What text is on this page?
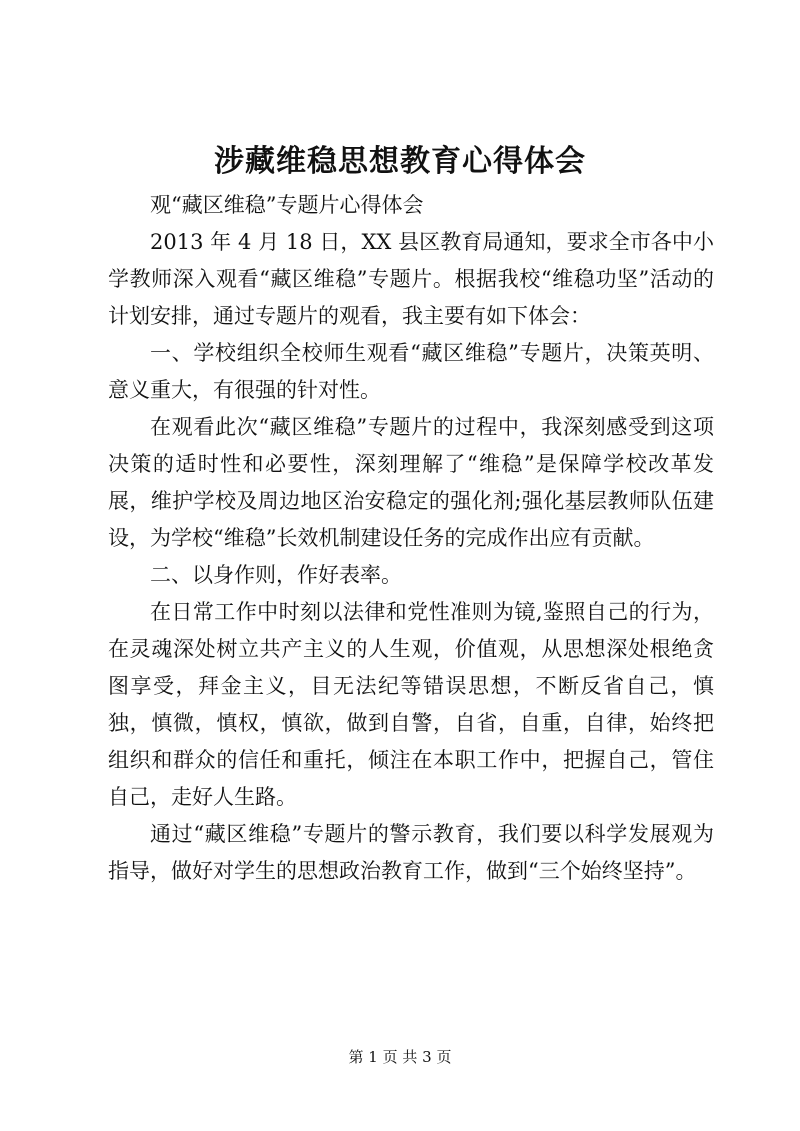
涉藏维稳思想教育心得体会

观“藏区维稳”专题片心得体会

2013 年 4 月 18 日，XX 县区教育局通知，要求全市各中小学教师深入观看“藏区维稳”专题片。根据我校“维稳功坚”活动的计划安排，通过专题片的观看，我主要有如下体会：

一、学校组织全校师生观看“藏区维稳”专题片，决策英明、意义重大，有很强的针对性。

在观看此次“藏区维稳”专题片的过程中，我深刻感受到这项决策的适时性和必要性，深刻理解了“维稳”是保障学校改革发展，维护学校及周边地区治安稳定的强化剂;强化基层教师队伍建设，为学校“维稳”长效机制建设任务的完成作出应有贡献。

二、以身作则，作好表率。

在日常工作中时刻以法律和党性准则为镜,鉴照自己的行为，在灵魂深处树立共产主义的人生观，价值观，从思想深处根绝贪图享受，拜金主义，目无法纪等错误思想，不断反省自己，慎独，慎微，慎权，慎欲，做到自警，自省，自重，自律，始终把组织和群众的信任和重托，倾注在本职工作中，把握自己，管住自己，走好人生路。

通过“藏区维稳”专题片的警示教育，我们要以科学发展观为指导，做好对学生的思想政治教育工作，做到“三个始终坚持”。

第 1 页 共 3 页
